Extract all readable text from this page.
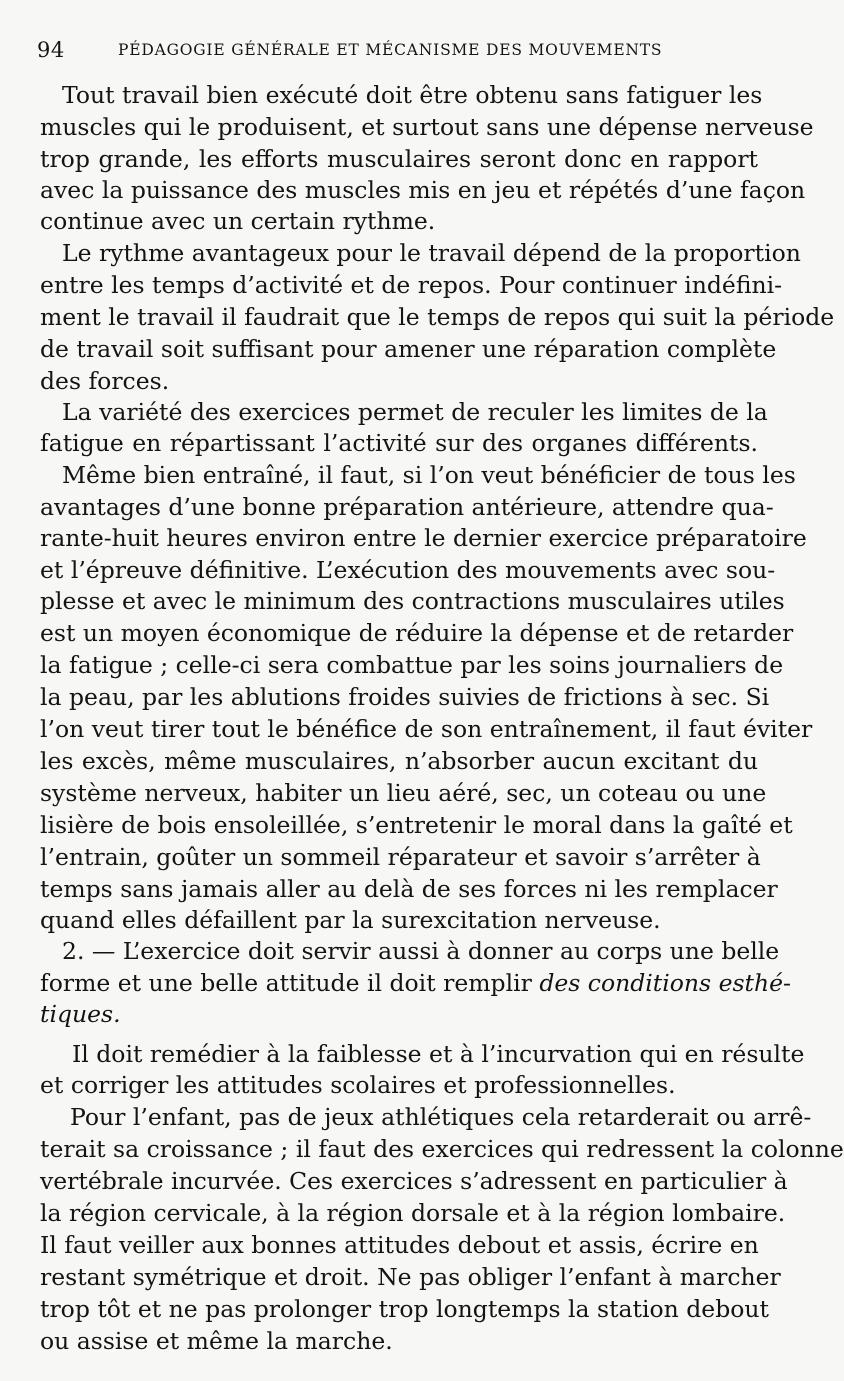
94	PÉDAGOGIE GÉNÉRALE ET MÉCANISME DES MOUVEMENTS
Tout travail bien exécuté doit être obtenu sans fatiguer les
muscles qui le produisent, et surtout sans une dépense nerveuse
trop grande, les efforts musculaires seront donc en rapport
avec la puissance des muscles mis en jeu et répétés d’une façon
continue avec un certain rythme.
Le rythme avantageux pour le travail dépend de la proportion
entre les temps d’activité et de repos. Pour continuer indéfini-
ment le travail il faudrait que le temps de repos qui suit la période
de travail soit suffisant pour amener une réparation complète
des forces.
La variété des exercices permet de reculer les limites de la
fatigue en répartissant l’activité sur des organes différents.
Même bien entraîné, il faut, si l’on veut bénéficier de tous les
avantages d’une bonne préparation antérieure, attendre qua-
rante-huit heures environ entre le dernier exercice préparatoire
et l’épreuve définitive. L’exécution des mouvements avec sou-
plesse et avec le minimum des contractions musculaires utiles
est un moyen économique de réduire la dépense et de retarder
la fatigue ; celle-ci sera combattue par les soins journaliers de
la peau, par les ablutions froides suivies de frictions à sec. Si
l’on veut tirer tout le bénéfice de son entraînement, il faut éviter
les excès, même musculaires, n’absorber aucun excitant du
système nerveux, habiter un lieu aéré, sec, un coteau ou une
lisière de bois ensoleillée, s’entretenir le moral dans la gaîté et
l’entrain, goûter un sommeil réparateur et savoir s’arrêter à
temps sans jamais aller au delà de ses forces ni les remplacer
quand elles défaillent par la surexcitation nerveuse.
2. — L’exercice doit servir aussi à donner au corps une belle
forme et une belle attitude il doit remplir des conditions esthé-
tiques.
Il doit remédier à la faiblesse et à l’incurvation qui en résulte
et corriger les attitudes scolaires et professionnelles.
Pour l’enfant, pas de jeux athlétiques cela retarderait ou arrê-
terait sa croissance ; il faut des exercices qui redressent la colonne
vertébrale incurvée. Ces exercices s’adressent en particulier à
la région cervicale, à la région dorsale et à la région lombaire.
Il faut veiller aux bonnes attitudes debout et assis, écrire en
restant symétrique et droit. Ne pas obliger l’enfant à marcher
trop tôt et ne pas prolonger trop longtemps la station debout
ou assise et même la marche.
